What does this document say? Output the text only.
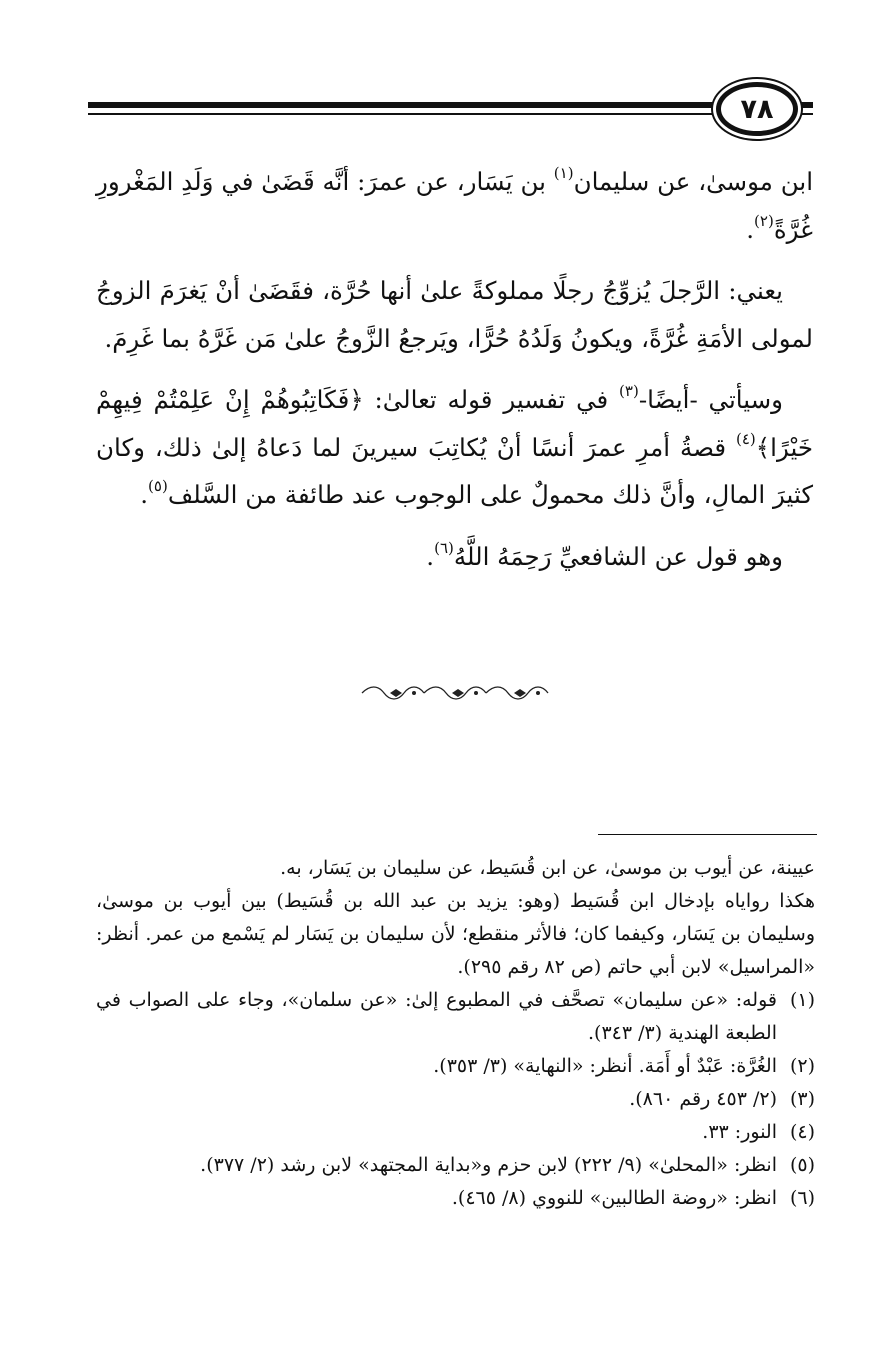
٧٨

ابن موسىٰ، عن سليمان$^{(١)}$ بن يَسَار، عن عمرَ: أنَّه قَضَىٰ في وَلَدِ المَغْرورِ غُرَّةً$^{(٢)}$.

يعني: الرَّجلَ يُزوِّجُ رجلًا مملوكةً علىٰ أنها حُرَّة، فقَضَىٰ أنْ يَغرَمَ الزوجُ لمولى الأمَةِ غُرَّةً، ويكونُ وَلَدُهُ حُرًّا، ويَرجعُ الزَّوجُ علىٰ مَن غَرَّهُ بما غَرِمَ.

وسيأتي -أيضًا-$^{(٣)}$ في تفسير قوله تعالىٰ: ﴿فَكَاتِبُوهُمْ إِنْ عَلِمْتُمْ فِيهِمْ خَيْرًا﴾$^{(٤)}$ قصةُ أمرِ عمرَ أنسًا أنْ يُكاتِبَ سيرينَ لما دَعاهُ إلىٰ ذلك، وكان كثيرَ المالِ، وأنَّ ذلك محمولٌ على الوجوب عند طائفة من السَّلف$^{(٥)}$.

وهو قول عن الشافعيِّ رَحِمَهُ اللَّهُ$^{(٦)}$.

عيينة، عن أيوب بن موسىٰ، عن ابن قُسَيط، عن سليمان بن يَسَار، به.

هكذا رواياه بإدخال ابن قُسَيط (وهو: يزيد بن عبد الله بن قُسَيط) بين أيوب بن موسىٰ، وسليمان بن يَسَار، وكيفما كان؛ فالأثر منقطع؛ لأن سليمان بن يَسَار لم يَسْمع من عمر. أنظر: «المراسيل» لابن أبي حاتم (ص ٨٢ رقم ٢٩٥).

(١)
قوله: «عن سليمان» تصحَّف في المطبوع إلىٰ: «عن سلمان»، وجاء على الصواب في الطبعة الهندية (٣/ ٣٤٣).
(٢)
الغُرَّة: عَبْدٌ أو أَمَة. أنظر: «النهاية» (٣/ ٣٥٣).
(٣)
(٢/ ٤٥٣ رقم ٨٦٠).
(٤)
النور: ٣٣.
(٥)
انظر: «المحلىٰ» (٩/ ٢٢٢) لابن حزم و«بداية المجتهد» لابن رشد (٢/ ٣٧٧).
(٦)
انظر: «روضة الطالبين» للنووي (٨/ ٤٦٥).
